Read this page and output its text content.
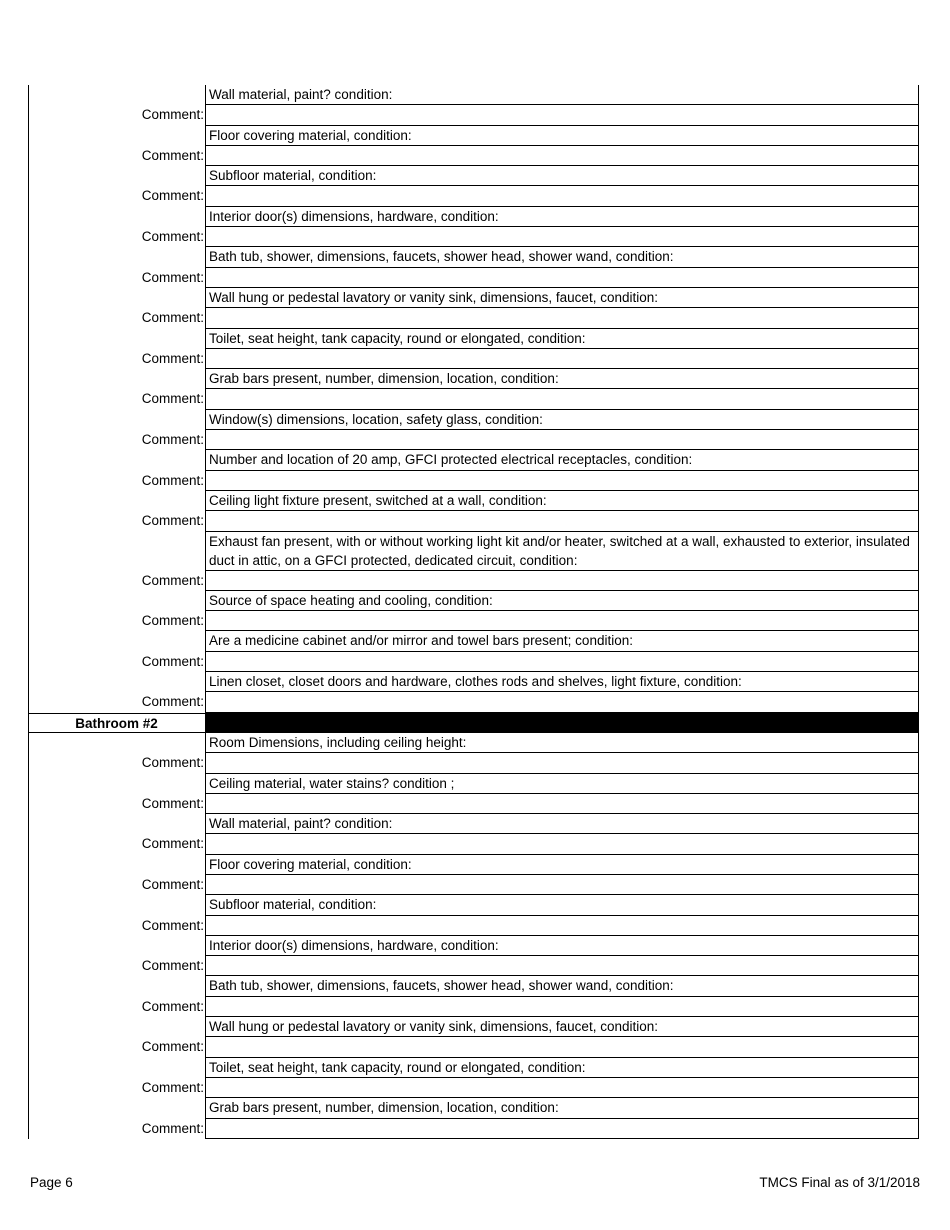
Wall material, paint? condition:
Comment:
Floor covering material, condition:
Comment:
Subfloor material, condition:
Comment:
Interior door(s) dimensions, hardware, condition:
Comment:
Bath tub, shower, dimensions, faucets, shower head, shower wand, condition:
Comment:
Wall hung or pedestal lavatory or vanity sink, dimensions, faucet, condition:
Comment:
Toilet, seat height, tank capacity, round or elongated, condition:
Comment:
Grab bars present, number, dimension, location, condition:
Comment:
Window(s) dimensions, location, safety glass, condition:
Comment:
Number and location of 20 amp, GFCI protected electrical receptacles, condition:
Comment:
Ceiling light fixture present, switched at a wall, condition:
Comment:
Exhaust fan present, with or without working light kit and/or heater, switched at a wall, exhausted to exterior, insulated duct in attic, on a GFCI protected, dedicated circuit, condition:
Comment:
Source of space heating and cooling, condition:
Comment:
Are a medicine cabinet and/or mirror and towel bars present; condition:
Comment:
Linen closet, closet doors and hardware, clothes rods and shelves, light fixture, condition:
Comment:
Bathroom #2
Room Dimensions, including ceiling height:
Comment:
Ceiling material, water stains? condition ;
Comment:
Wall material, paint? condition:
Comment:
Floor covering material, condition:
Comment:
Subfloor material, condition:
Comment:
Interior door(s) dimensions, hardware, condition:
Comment:
Bath tub, shower, dimensions, faucets, shower head, shower wand, condition:
Comment:
Wall hung or pedestal lavatory or vanity sink, dimensions, faucet, condition:
Comment:
Toilet, seat height, tank capacity, round or elongated, condition:
Comment:
Grab bars present, number, dimension, location, condition:
Comment:
Page 6	TMCS Final as of 3/1/2018
